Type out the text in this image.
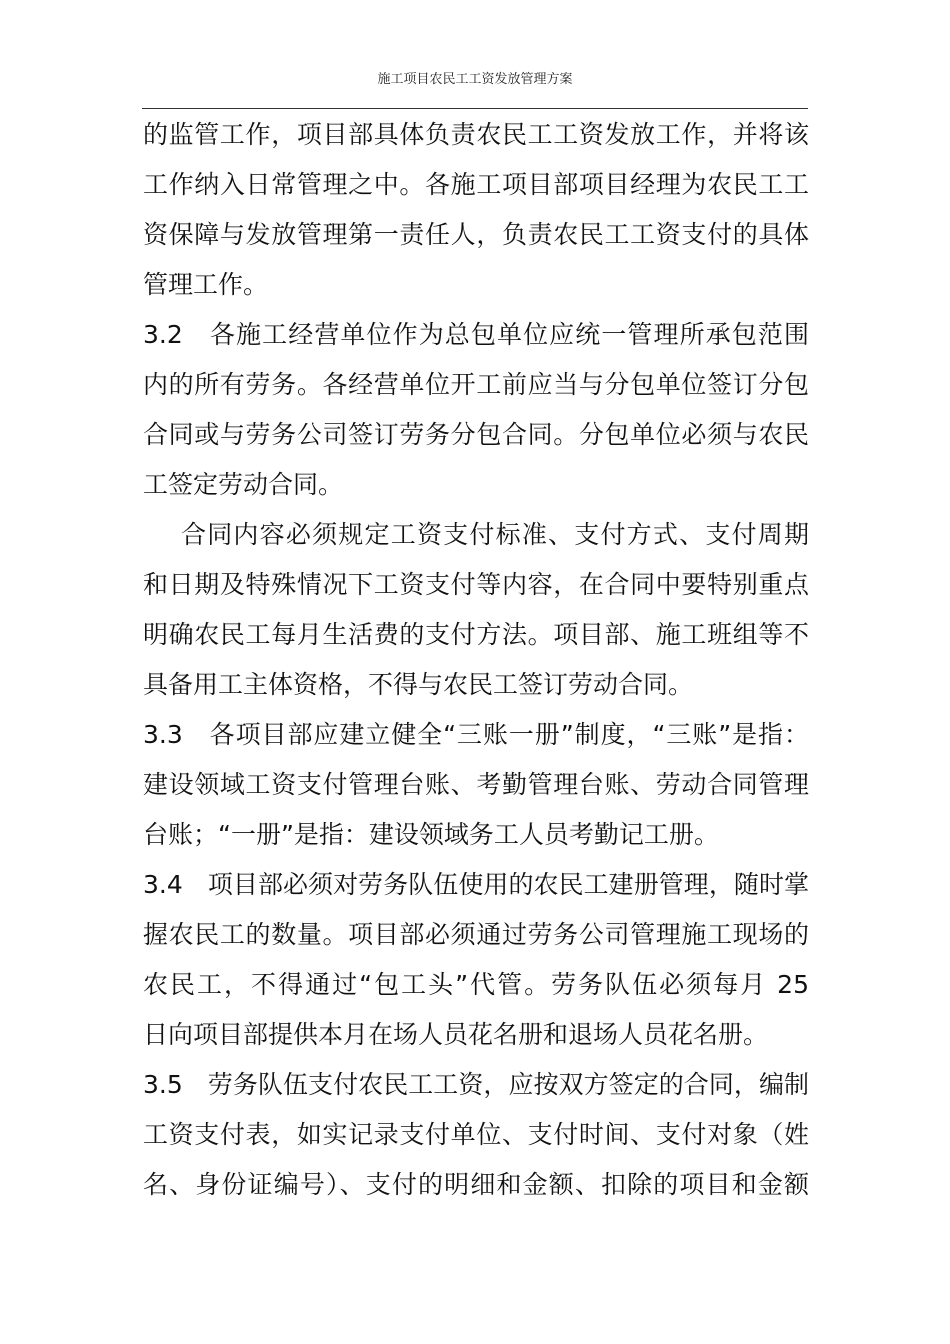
施工项目农民工工资发放管理方案
的监管工作，项目部具体负责农民工工资发放工作，并将该
工作纳入日常管理之中。各施工项目部项目经理为农民工工
资保障与发放管理第一责任人，负责农民工工资支付的具体
管理工作。
3.2　各施工经营单位作为总包单位应统一管理所承包范围
内的所有劳务。各经营单位开工前应当与分包单位签订分包
合同或与劳务公司签订劳务分包合同。分包单位必须与农民
工签定劳动合同。
合同内容必须规定工资支付标准、支付方式、支付周期
和日期及特殊情况下工资支付等内容，在合同中要特别重点
明确农民工每月生活费的支付方法。项目部、施工班组等不
具备用工主体资格，不得与农民工签订劳动合同。
3.3　各项目部应建立健全“三账一册”制度，“三账”是指：
建设领域工资支付管理台账、考勤管理台账、劳动合同管理
台账；“一册”是指：建设领域务工人员考勤记工册。
3.4　项目部必须对劳务队伍使用的农民工建册管理，随时掌
握农民工的数量。项目部必须通过劳务公司管理施工现场的
农民工，不得通过“包工头”代管。劳务队伍必须每月 25
日向项目部提供本月在场人员花名册和退场人员花名册。
3.5　劳务队伍支付农民工工资，应按双方签定的合同，编制
工资支付表，如实记录支付单位、支付时间、支付对象（姓
名、身份证编号）、支付的明细和金额、扣除的项目和金额
